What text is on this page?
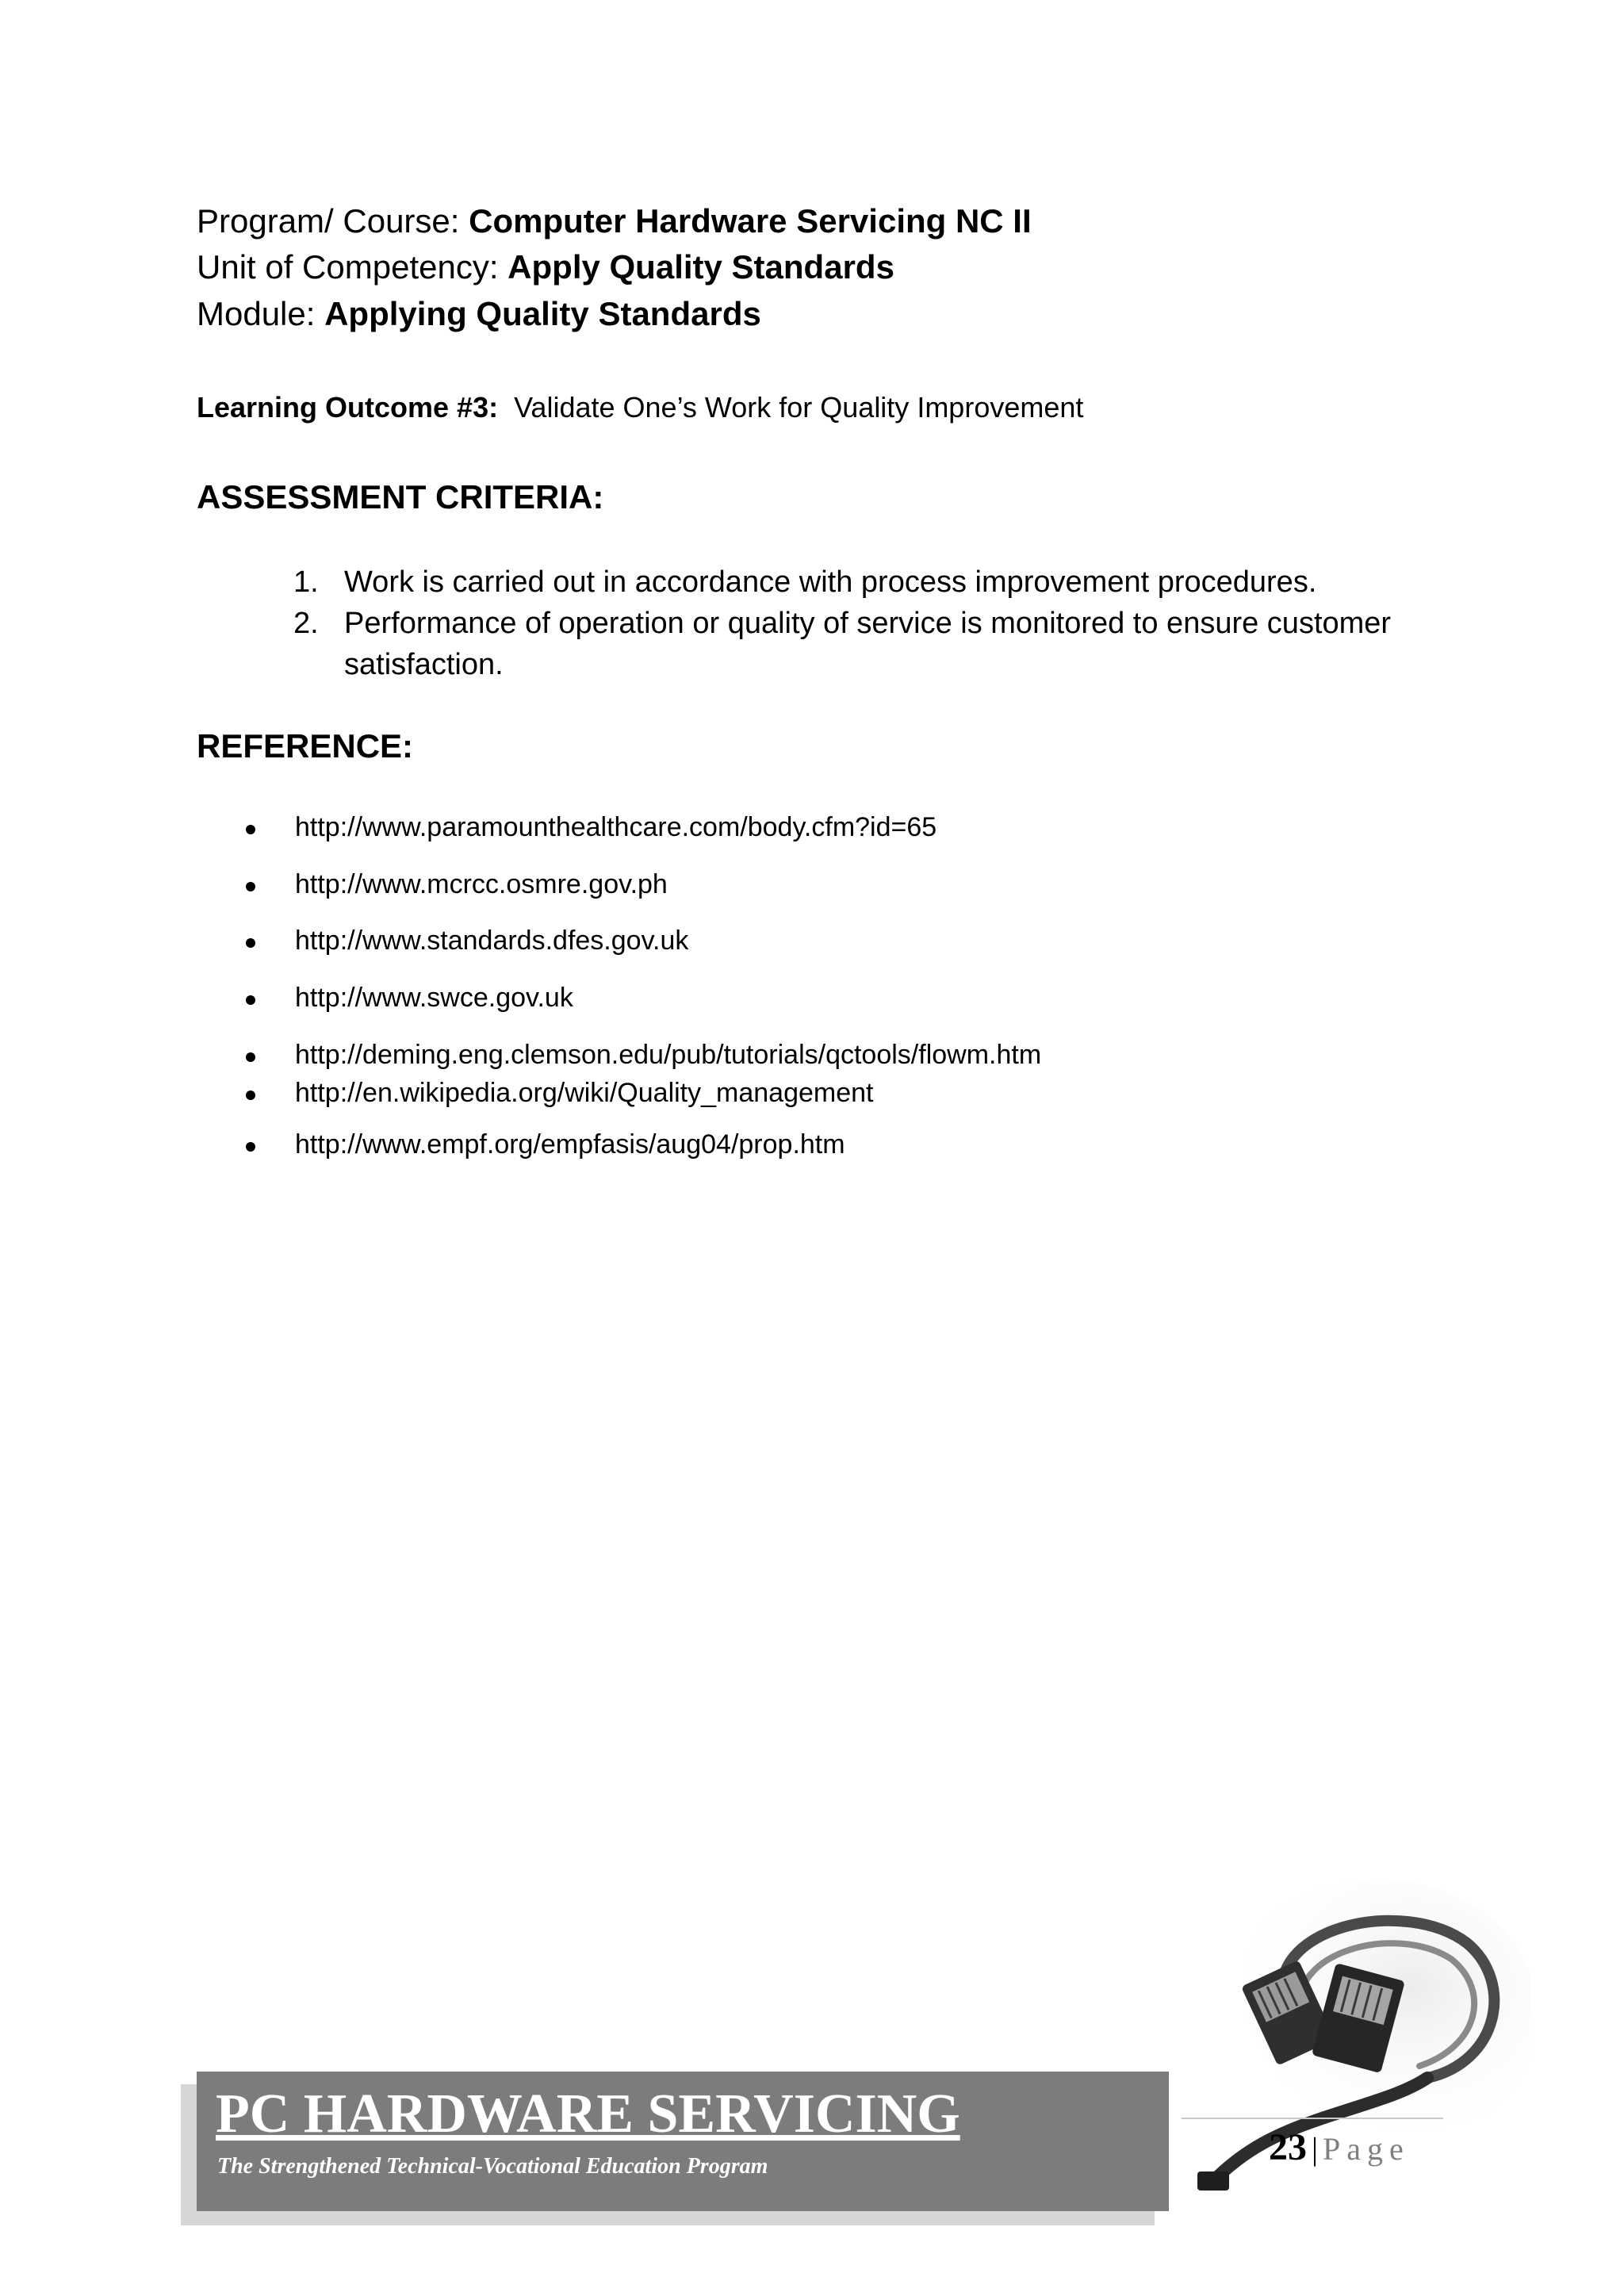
Program/ Course: Computer Hardware Servicing NC II
Unit of Competency: Apply Quality Standards
Module: Applying Quality Standards
Learning Outcome #3: Validate One’s Work for Quality Improvement
ASSESSMENT CRITERIA:
1. Work is carried out in accordance with process improvement procedures.
2. Performance of operation or quality of service is monitored to ensure customer satisfaction.
REFERENCE:
http://www.paramounthealthcare.com/body.cfm?id=65
http://www.mcrcc.osmre.gov.ph
http://www.standards.dfes.gov.uk
http://www.swce.gov.uk
http://deming.eng.clemson.edu/pub/tutorials/qctools/flowm.htm
http://en.wikipedia.org/wiki/Quality_management
http://www.empf.org/empfasis/aug04/prop.htm
PC HARDWARE SERVICING
The Strengthened Technical-Vocational Education Program	23 | Page
